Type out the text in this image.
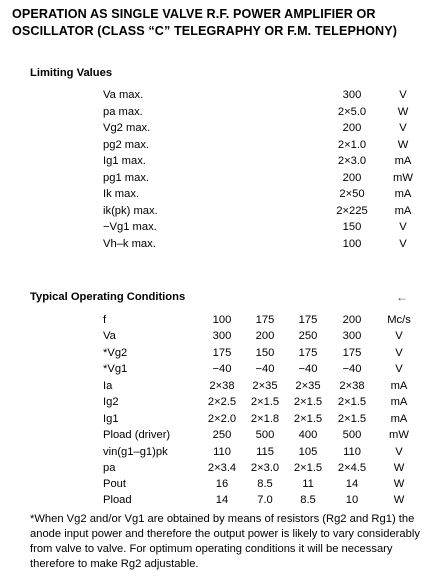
OPERATION AS SINGLE VALVE R.F. POWER AMPLIFIER OR OSCILLATOR (CLASS “C” TELEGRAPHY OR F.M. TELEPHONY)
Limiting Values
Va max.	300	V
pa max.	2×5.0	W
Vg2 max.	200	V
pg2 max.	2×1.0	W
Ig1 max.	2×3.0	mA
pg1 max.	200	mW
Ik max.	2×50	mA
ik(pk) max.	2×225	mA
−Vg1 max.	150	V
Vh–k max.	100	V
Typical Operating Conditions	←
f	100	175	175	200	Mc/s
Va	300	200	250	300	V
*Vg2	175	150	175	175	V
*Vg1	−40	−40	−40	−40	V
Ia	2×38	2×35	2×35	2×38	mA
Ig2	2×2.5	2×1.5	2×1.5	2×1.5	mA
Ig1	2×2.0	2×1.8	2×1.5	2×1.5	mA
Pload (driver)	250	500	400	500	mW
vin(g1–g1)pk	110	115	105	110	V
pa	2×3.4	2×3.0	2×1.5	2×4.5	W
Pout	16	8.5	11	14	W
Pload	14	7.0	8.5	10	W

*When Vg2 and/or Vg1 are obtained by means of resistors (Rg2 and Rg1) the anode input power and therefore the output power is likely to vary considerably from valve to valve. For optimum operating conditions it will be necessary therefore to make Rg2 adjustable.
